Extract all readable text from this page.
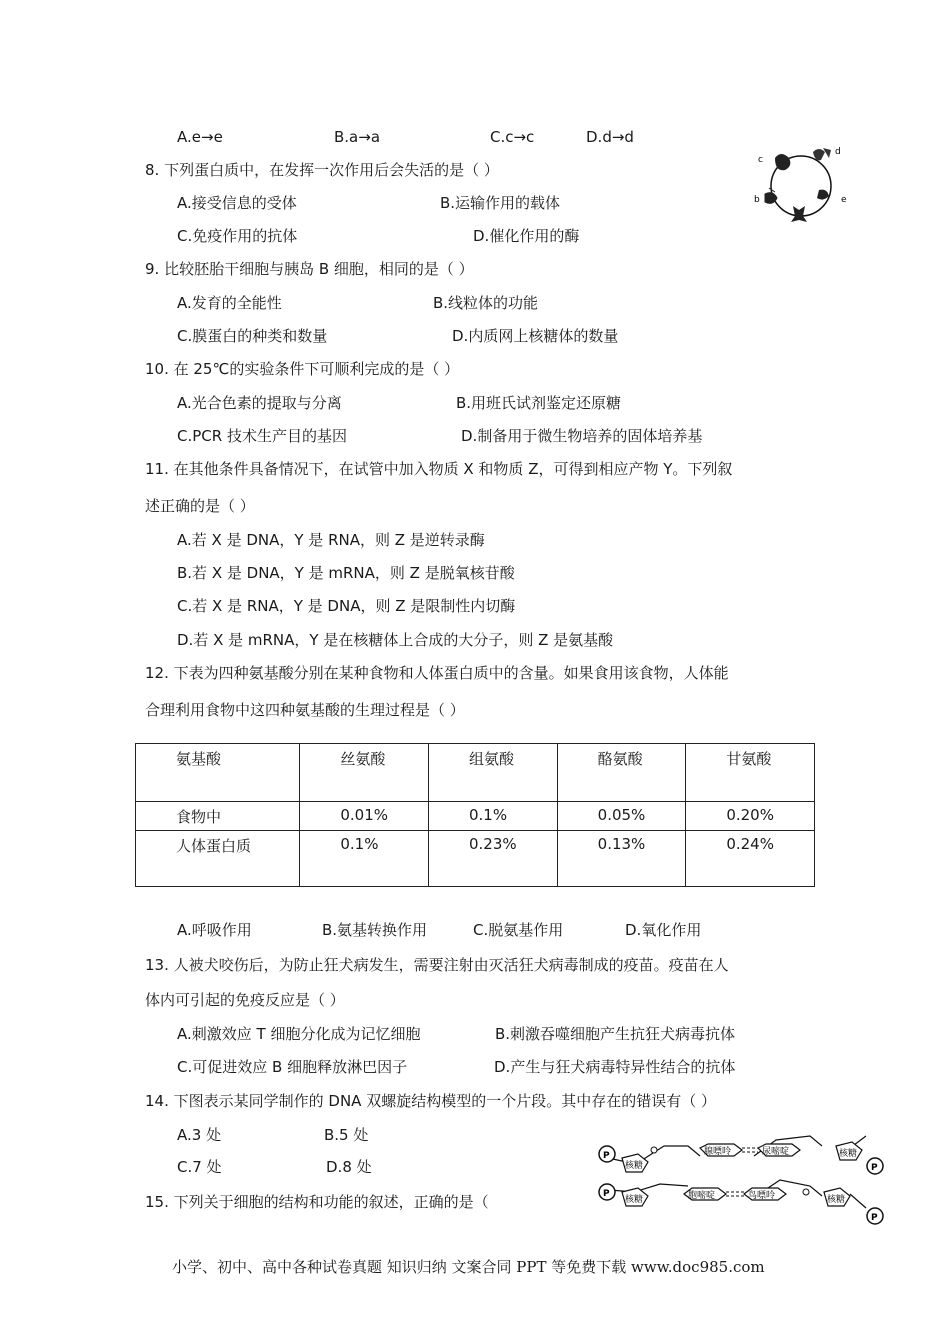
A.e→e	B.a→a	C.c→c	D.d→d
c
d
b	e
8. 下列蛋白质中，在发挥一次作用后会失活的是（ ）
A.接受信息的受体	B.运输作用的载体
C.免疫作用的抗体	D.催化作用的酶
9. 比较胚胎干细胞与胰岛 B 细胞，相同的是（ ）
A.发育的全能性	B.线粒体的功能
C.膜蛋白的种类和数量	D.内质网上核糖体的数量
10. 在 25℃的实验条件下可顺利完成的是（ ）
A.光合色素的提取与分离	B.用班氏试剂鉴定还原糖
C.PCR 技术生产目的基因	D.制备用于微生物培养的固体培养基
11. 在其他条件具备情况下，在试管中加入物质 X 和物质 Z，可得到相应产物 Y。下列叙
述正确的是（ ）
A.若 X 是 DNA，Y 是 RNA，则 Z 是逆转录酶
B.若 X 是 DNA，Y 是 mRNA，则 Z 是脱氧核苷酸
C.若 X 是 RNA，Y 是 DNA，则 Z 是限制性内切酶
D.若 X 是 mRNA，Y 是在核糖体上合成的大分子，则 Z 是氨基酸
12. 下表为四种氨基酸分别在某种食物和人体蛋白质中的含量。如果食用该食物，人体能
合理利用食物中这四种氨基酸的生理过程是（ ）
氨基酸	丝氨酸	组氨酸	酪氨酸	甘氨酸
食物中	0.01%	0.1%	0.05%	0.20%
人体蛋白质	0.1%	0.23%	0.13%	0.24%
A.呼吸作用	B.氨基转换作用	C.脱氨基作用	D.氧化作用
13. 人被犬咬伤后，为防止狂犬病发生，需要注射由灭活狂犬病毒制成的疫苗。疫苗在人
体内可引起的免疫反应是（ ）
A.刺激效应 T 细胞分化成为记忆细胞	B.刺激吞噬细胞产生抗狂犬病毒抗体
C.可促进效应 B 细胞释放淋巴因子	D.产生与狂犬病毒特异性结合的抗体
14. 下图表示某同学制作的 DNA 双螺旋结构模型的一个片段。其中存在的错误有（ ）
A.3 处	B.5 处
C.7 处	D.8 处
P
P
P
P
核糖
核糖
核糖	核糖
腺嘌呤	尿嘧啶
胞嘧啶	鸟嘌呤
15. 下列关于细胞的结构和功能的叙述，正确的是（
小学、初中、高中各种试卷真题 知识归纳 文案合同 PPT 等免费下载 www.doc985.com
